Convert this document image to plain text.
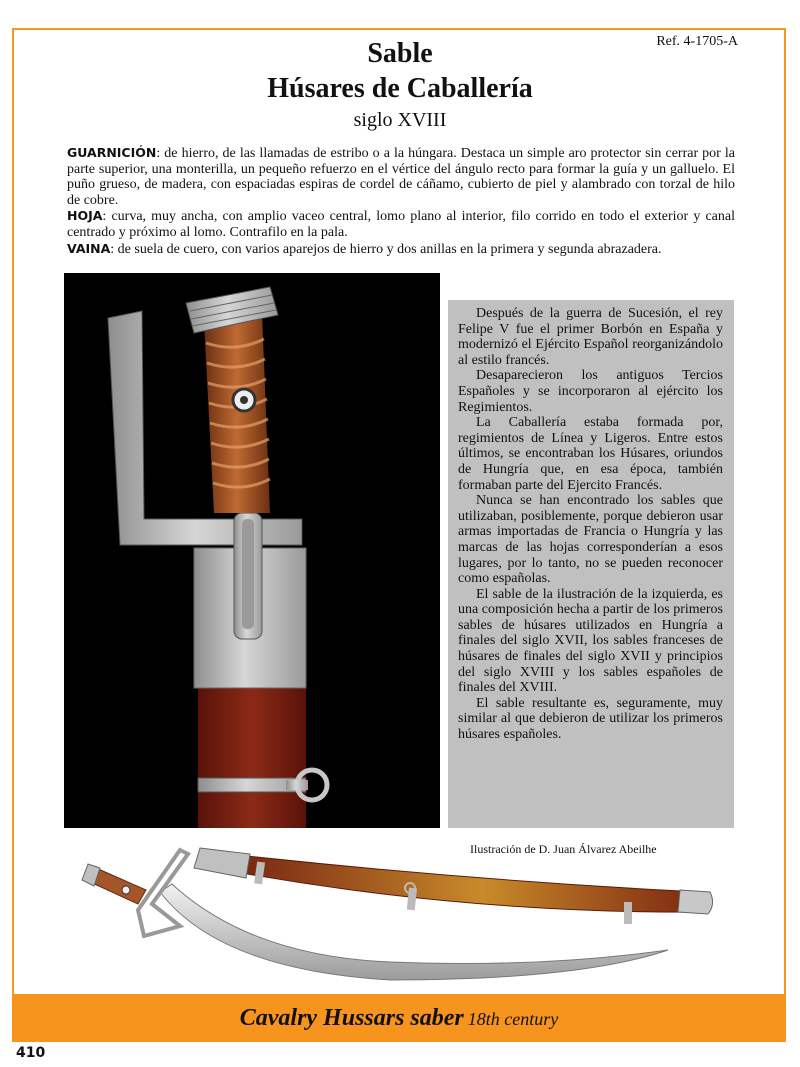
Ref. 4-1705-A
Sable
Húsares de Caballería
siglo XVIII

GUARNICIÓN: de hierro, de las llamadas de estribo o a la húngara. Destaca un simple aro protector sin cerrar por la parte superior, una monterilla, un pequeño refuerzo en el vértice del ángulo recto para formar la guía y un galluelo. El puño grueso, de madera, con espaciadas espiras de cordel de cáñamo, cubierto de piel y alambrado con torzal de hilo de cobre.

HOJA: curva, muy ancha, con amplio vaceo central, lomo plano al interior, filo corrido en todo el exterior y canal centrado y próximo al lomo. Contrafilo en la pala.

VAINA: de suela de cuero, con varios aparejos de hierro y dos anillas en la primera y segunda abrazadera.

Después de la guerra de Sucesión, el rey Felipe V fue el primer Borbón en España y modernizó el Ejército Español reorganizándolo al estilo francés.

Desaparecieron los antiguos Tercios Españoles y se incorporaron al ejército los Regimientos.

La Caballería estaba formada por, regimientos de Línea y Ligeros. Entre estos últimos, se encontraban los Húsares, oriundos de Hungría que, en esa época, también formaban parte del Ejercito Francés.

Nunca se han encontrado los sables que utilizaban, posiblemente, porque debieron usar armas importadas de Francia o Hungría y las marcas de las hojas corresponderían a esos lugares, por lo tanto, no se pueden reconocer como españolas.

El sable de la ilustración de la izquierda, es una composición hecha a partir de los primeros sables de húsares utilizados en Hungría a finales del siglo XVII, los sables franceses de húsares de finales del siglo XVII y principios del siglo XVIII y los sables españoles de finales del XVIII.

El sable resultante es, seguramente, muy similar al que debieron de utilizar los primeros húsares españoles.

Ilustración de D. Juan Álvarez Abeilhe
Cavalry Hussars saber 18th century
410
